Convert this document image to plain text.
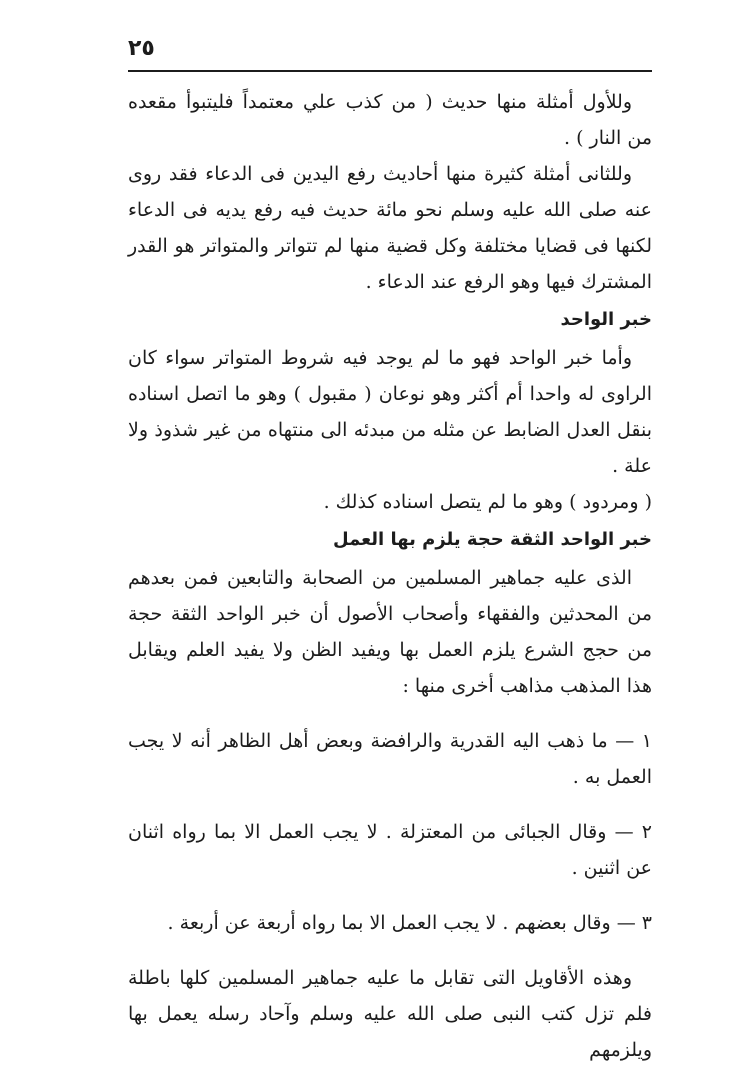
٢٥

وللأول أمثلة منها حديث ( من كذب علي معتمداً فليتبوأ مقعده من النار ) .

وللثانى أمثلة كثيرة منها أحاديث رفع اليدين فى الدعاء فقد روى عنه صلى الله عليه وسلم نحو مائة حديث فيه رفع يديه فى الدعاء لكنها فى قضايا مختلفة وكل قضية منها لم تتواتر والمتواتر هو القدر المشترك فيها وهو الرفع عند الدعاء .

خبر الواحد

وأما خبر الواحد فهو ما لم يوجد فيه شروط المتواتر سواء كان الراوى له واحدا أم أكثر وهو نوعان ( مقبول ) وهو ما اتصل اسناده بنقل العدل الضابط عن مثله من مبدئه الى منتهاه من غير شذوذ ولا علة .

( ومردود ) وهو ما لم يتصل اسناده كذلك .

خبر الواحد الثقة حجة يلزم بها العمل

الذى عليه جماهير المسلمين من الصحابة والتابعين فمن بعدهم من المحدثين والفقهاء وأصحاب الأصول أن خبر الواحد الثقة حجة من حجج الشرع يلزم العمل بها ويفيد الظن ولا يفيد العلم ويقابل هذا المذهب مذاهب أخرى منها :

١ — ما ذهب اليه القدرية والرافضة وبعض أهل الظاهر أنه لا يجب العمل به .

٢ — وقال الجبائى من المعتزلة . لا يجب العمل الا بما رواه اثنان عن اثنين .

٣ — وقال بعضهم . لا يجب العمل الا بما رواه أربعة عن أربعة .

وهذه الأقاويل التى تقابل ما عليه جماهير المسلمين كلها باطلة فلم تزل كتب النبى صلى الله عليه وسلم وآحاد رسله يعمل بها ويلزمهم
